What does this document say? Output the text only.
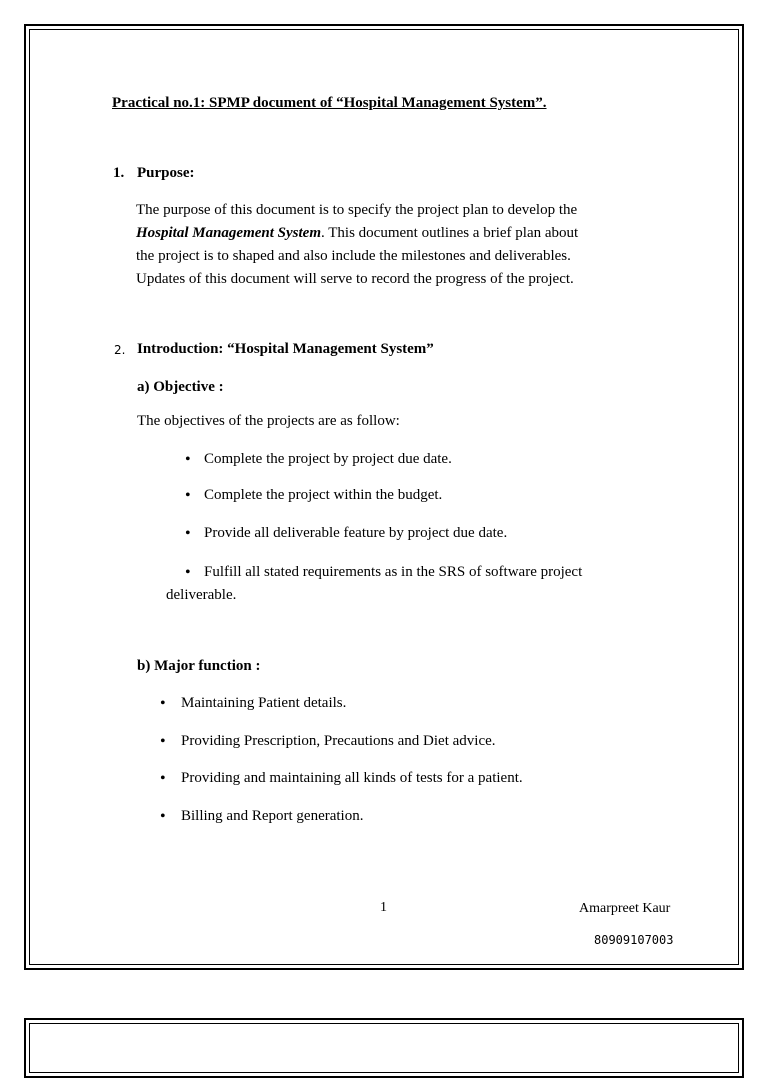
Practical no.1: SPMP document of “Hospital Management System”.
1. Purpose:
The purpose of this document is to specify the project plan to develop the
Hospital Management System. This document outlines a brief plan about
the project is to shaped and also include the milestones and deliverables.
Updates of this document will serve to record the progress of the project.
2. Introduction: “Hospital Management System”
a) Objective :
The objectives of the projects are as follow:
• Complete the project by project due date.
• Complete the project within the budget.
• Provide all deliverable feature by project due date.
• Fulfill all stated requirements as in the SRS of software project
deliverable.
b) Major function :
• Maintaining Patient details.
• Providing Prescription, Precautions and Diet advice.
• Providing and maintaining all kinds of tests for a patient.
• Billing and Report generation.
1	Amarpreet Kaur
80909107003
